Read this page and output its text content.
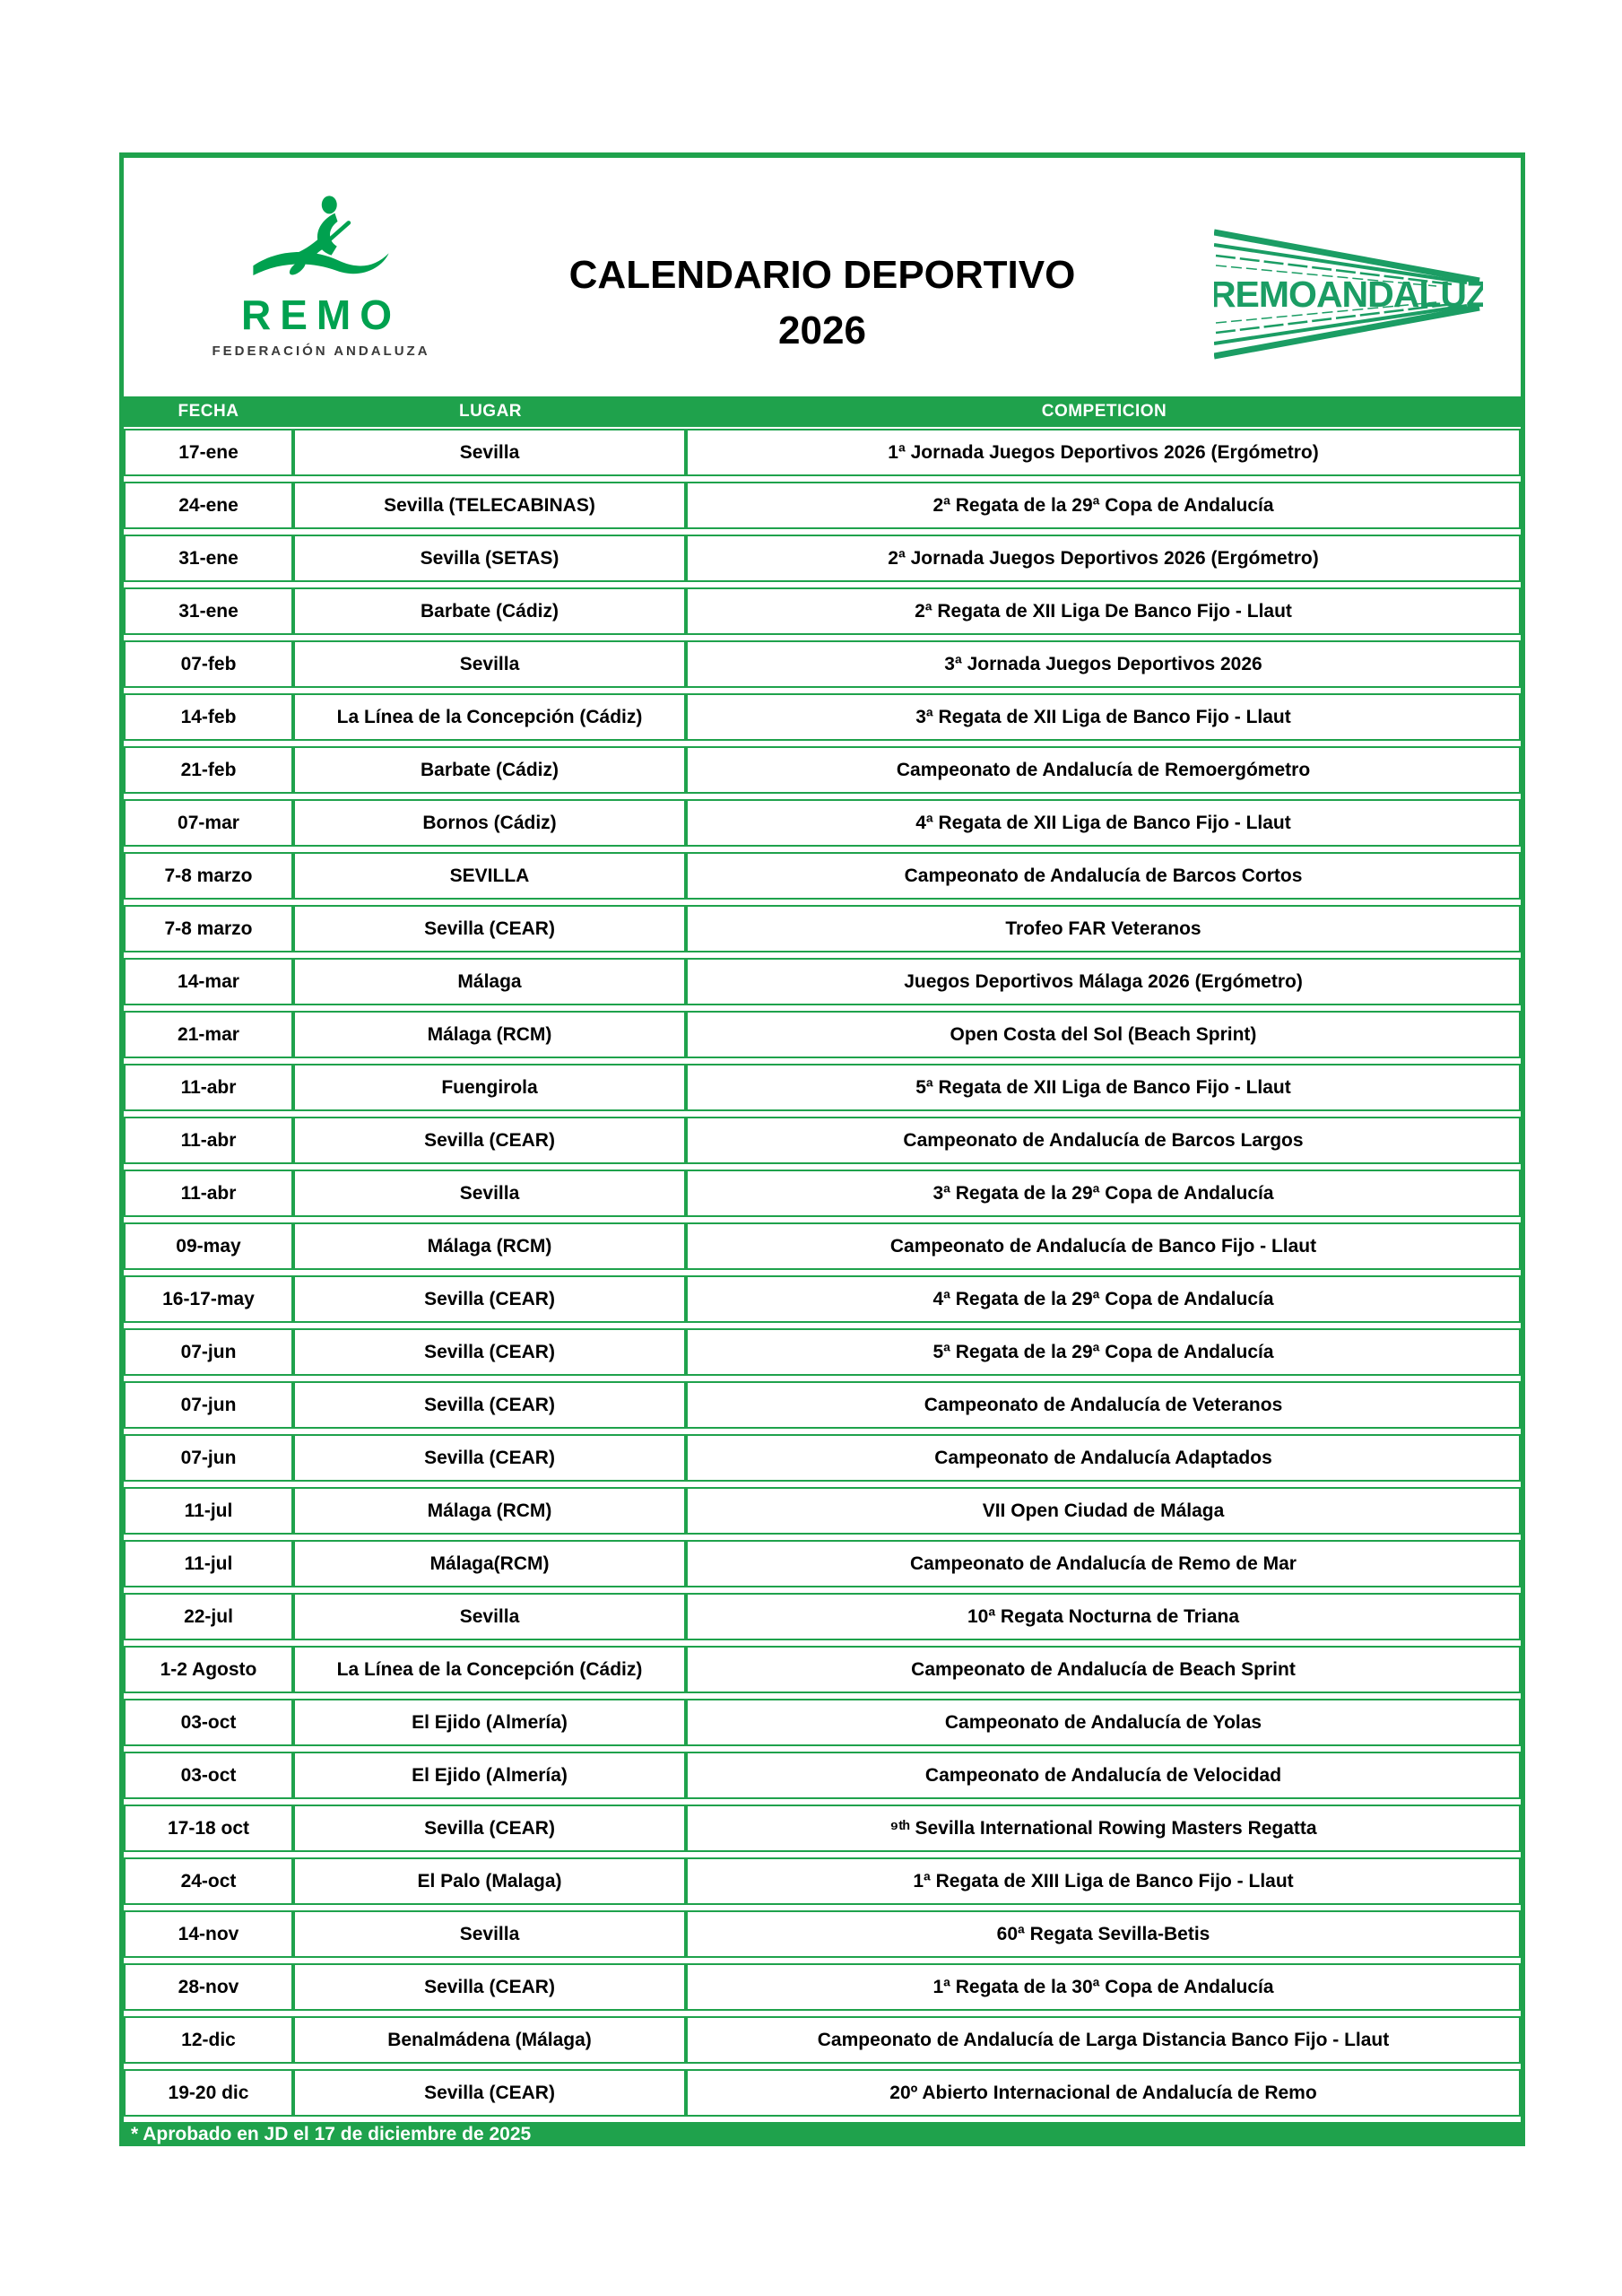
REMO
FEDERACIÓN ANDALUZA
CALENDARIO DEPORTIVO
2026
REMOANDALUZ
FECHA	LUGAR	COMPETICION
17-ene	Sevilla	1ª Jornada Juegos Deportivos 2026 (Ergómetro)
24-ene	Sevilla (TELECABINAS)	2ª Regata de la 29ª Copa de Andalucía
31-ene	Sevilla (SETAS)	2ª Jornada Juegos Deportivos 2026 (Ergómetro)
31-ene	Barbate (Cádiz)	2ª Regata de XII Liga De Banco Fijo - Llaut
07-feb	Sevilla	3ª Jornada Juegos Deportivos 2026
14-feb	La Línea de la Concepción (Cádiz)	3ª Regata de XII Liga de Banco Fijo - Llaut
21-feb	Barbate (Cádiz)	Campeonato de Andalucía de Remoergómetro
07-mar	Bornos (Cádiz)	4ª Regata de XII Liga de Banco Fijo - Llaut
7-8 marzo	SEVILLA	Campeonato de Andalucía de Barcos Cortos
7-8 marzo	Sevilla (CEAR)	Trofeo FAR Veteranos
14-mar	Málaga	Juegos Deportivos Málaga 2026 (Ergómetro)
21-mar	Málaga (RCM)	Open Costa del Sol (Beach Sprint)
11-abr	Fuengirola	5ª Regata de XII Liga de Banco Fijo - Llaut
11-abr	Sevilla (CEAR)	Campeonato de Andalucía de Barcos Largos
11-abr	Sevilla	3ª Regata de la 29ª Copa de Andalucía
09-may	Málaga (RCM)	Campeonato de Andalucía de Banco Fijo - Llaut
16-17-may	Sevilla (CEAR)	4ª Regata de la 29ª Copa de Andalucía
07-jun	Sevilla (CEAR)	5ª Regata de la 29ª Copa de Andalucía
07-jun	Sevilla (CEAR)	Campeonato de Andalucía de Veteranos
07-jun	Sevilla (CEAR)	Campeonato de Andalucía Adaptados
11-jul	Málaga (RCM)	VII Open Ciudad de Málaga
11-jul	Málaga(RCM)	Campeonato de Andalucía de Remo de Mar
22-jul	Sevilla	10ª Regata Nocturna de Triana
1-2 Agosto	La Línea de la Concepción (Cádiz)	Campeonato de Andalucía de Beach Sprint
03-oct	El Ejido (Almería)	Campeonato de Andalucía de Yolas
03-oct	El Ejido (Almería)	Campeonato de Andalucía de Velocidad
17-18 oct	Sevilla (CEAR)	⁹ᵗʰ Sevilla International Rowing Masters Regatta
24-oct	El Palo (Malaga)	1ª Regata de XIII Liga de Banco Fijo - Llaut
14-nov	Sevilla	60ª Regata Sevilla-Betis
28-nov	Sevilla (CEAR)	1ª Regata de la 30ª Copa de Andalucía
12-dic	Benalmádena (Málaga)	Campeonato de Andalucía de Larga Distancia Banco Fijo - Llaut
19-20 dic	Sevilla (CEAR)	20º Abierto Internacional de Andalucía de Remo
* Aprobado en JD el 17 de diciembre de 2025
